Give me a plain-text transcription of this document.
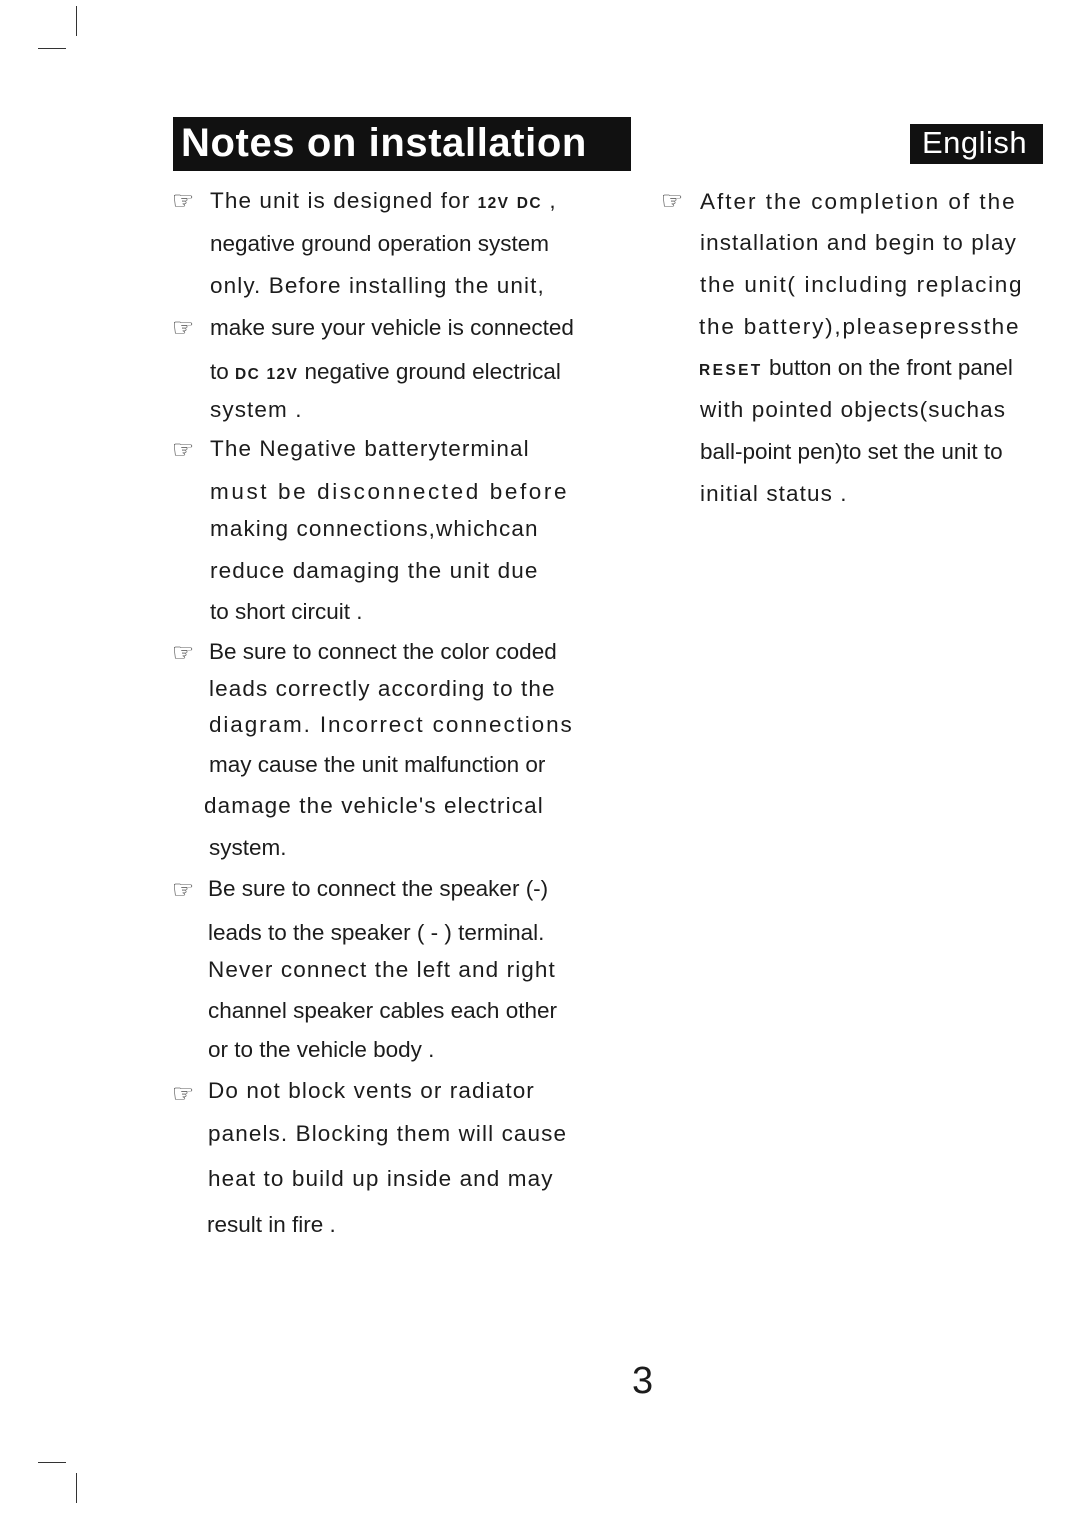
Notes on installation	English
☞ The unit is designed for 12V DC ,
negative ground operation system
only. Before installing the unit,
☞ make sure your vehicle is connected
to DC 12V negative ground electrical
system .
☞ The Negative batteryterminal
must be disconnected before
making connections,whichcan
reduce damaging the unit due
to short circuit .
☞ Be sure to connect the color coded
leads correctly according to the
diagram. Incorrect connections
may cause the unit malfunction or
damage the vehicle's electrical
system.
☞ Be sure to connect the speaker (-)
leads to the speaker ( - ) terminal.
Never connect the left and right
channel speaker cables each other
or to the vehicle body .
☞ Do not block vents or radiator
panels. Blocking them will cause
heat to build up inside and may
result in fire .
☞ After the completion of the
installation and begin to play
the unit( including replacing
the battery),pleasepressthe
RESET button on the front panel
with pointed objects(suchas
ball-point pen)to set the unit to
initial status .
3
